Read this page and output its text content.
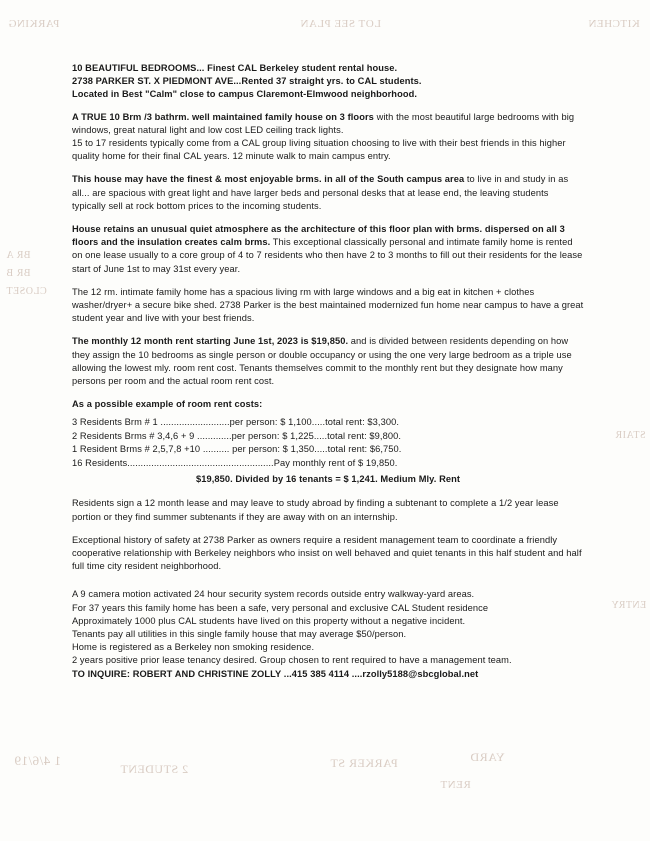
PARKING	LOT SEE PLAN	KITCHEN
BR A
BR B
CLOSET
1 4/6/19
2 STUDENT	PARKER ST	YARD
RENT
ENTRY
STAIR
10 BEAUTIFUL BEDROOMS... Finest CAL Berkeley student rental house.
2738 PARKER ST. X PIEDMONT AVE...Rented 37 straight yrs. to CAL students.
Located in Best "Calm" close to campus Claremont-Elmwood neighborhood.

A TRUE 10 Brm /3 bathrm. well maintained family house on 3 floors with the most beautiful large bedrooms with big windows, great natural light and low cost LED ceiling track lights.

15 to 17 residents typically come from a CAL group living situation choosing to live with their best friends in this higher quality home for their final CAL years. 12 minute walk to main campus entry.

This house may have the finest & most enjoyable brms. in all of the South campus area to live in and study in as all... are spacious with great light and have larger beds and personal desks that at lease end, the leaving students typically sell at rock bottom prices to the incoming students.

House retains an unusual quiet atmosphere as the architecture of this floor plan with brms. dispersed on all 3 floors and the insulation creates calm brms. This exceptional classically personal and intimate family home is rented on one lease usually to a core group of 4 to 7 residents who then have 2 to 3 months to fill out their residents for the lease start of June 1st to may 31st every year.

The 12 rm. intimate family home has a spacious living rm with large windows and a big eat in kitchen + clothes washer/dryer+ a secure bike shed. 2738 Parker is the best maintained modernized fun home near campus to have a great student year and live with your best friends.

The monthly 12 month rent starting June 1st, 2023 is $19,850. and is divided between residents depending on how they assign the 10 bedrooms as single person or double occupancy or using the one very large bedroom as a triple use allowing the lowest mly. room rent cost. Tenants themselves commit to the monthly rent but they designate how many persons per room and the actual room rent cost.

As a possible example of room rent costs:
3 Residents Brm # 1 ..........................per person: $ 1,100.....total rent: $3,300.
2 Residents Brms # 3,4,6 + 9 .............per person: $ 1,225.....total rent: $9,800.
1 Resident Brms # 2,5,7,8 +10 .......... per person: $ 1,350.....total rent: $6,750.
16 Residents.......................................................Pay monthly rent of $ 19,850.
$19,850. Divided by 16 tenants = $ 1,241. Medium Mly. Rent

Residents sign a 12 month lease and may leave to study abroad by finding a subtenant to complete a 1/2 year lease portion or they find summer subtenants if they are away with on an internship.

Exceptional history of safety at 2738 Parker as owners require a resident management team to coordinate a friendly cooperative relationship with Berkeley neighbors who insist on well behaved and quiet tenants in this half student and half full time city resident neighborhood.

A 9 camera motion activated 24 hour security system records outside entry walkway-yard areas.
For 37 years this family home has been a safe, very personal and exclusive CAL Student residence
Approximately 1000 plus CAL students have lived on this property without a negative incident.
Tenants pay all utilities in this single family house that may average $50/person.
Home is registered as a Berkeley non smoking residence.
2 years positive prior lease tenancy desired. Group chosen to rent required to have a management team.
TO INQUIRE: ROBERT AND CHRISTINE ZOLLY ...415 385 4114 ....rzolly5188@sbcglobal.net
